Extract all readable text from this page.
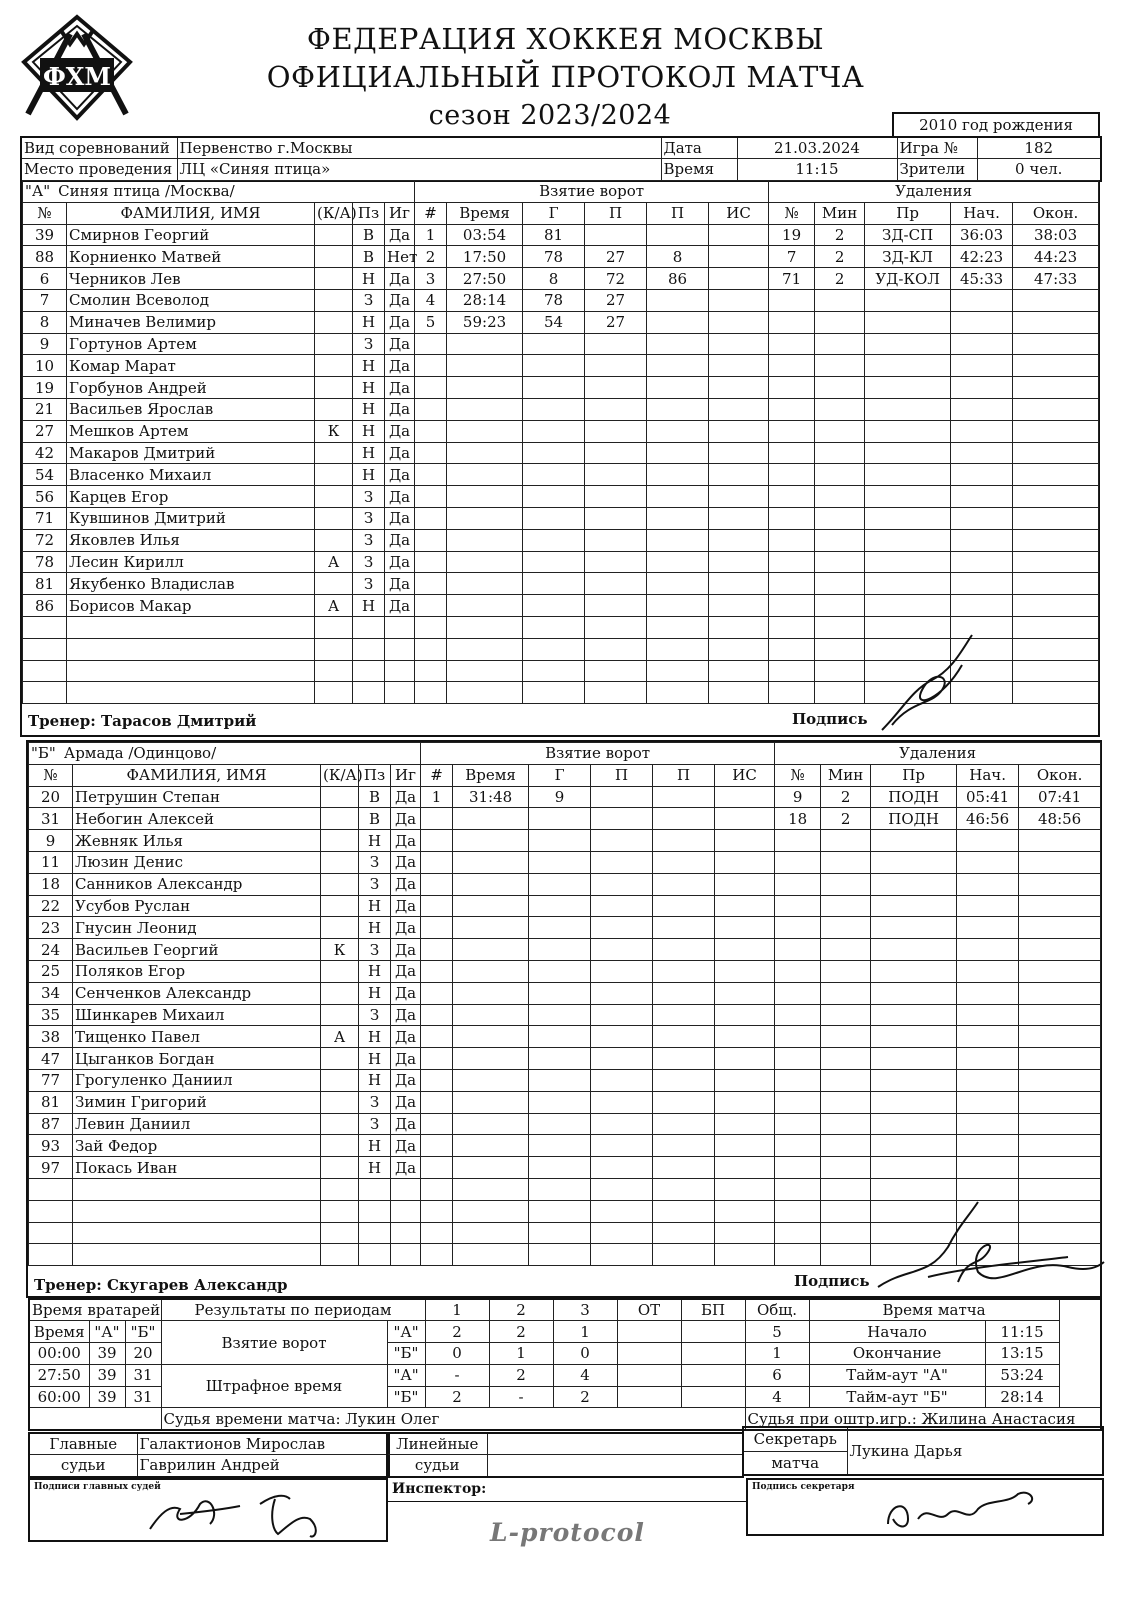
ФХМ
ФЕДЕРАЦИЯ ХОККЕЯ МОСКВЫ
ОФИЦИАЛЬНЫЙ ПРОТОКОЛ МАТЧА
сезон 2023/2024	2010 год рождения
Вид соревнований	Первенство г.Москвы	Дата	21.03.2024	Игра №	182
Место проведения	ЛЦ «Синяя птица»	Время	11:15	Зрители	0 чел.
"А" Синяя птица /Москва/					Взятие ворот						Удаления				
№	ФАМИЛИЯ, ИМЯ	(К/А)	Пз	Иг	#	Время	Г	П	П	ИС	№	Мин	Пр	Нач.	Окон.
39	Смирнов Георгий		В	Да	1	03:54	81				19	2	ЗД-СП	36:03	38:03
88	Корниенко Матвей		В	Нет	2	17:50	78	27	8		7	2	ЗД-КЛ	42:23	44:23
6	Черников Лев		Н	Да	3	27:50	8	72	86		71	2	УД-КОЛ	45:33	47:33
7	Смолин Всеволод		З	Да	4	28:14	78	27							
8	Миначев Велимир		Н	Да	5	59:23	54	27							
9	Гортунов Артем		З	Да											
10	Комар Марат		Н	Да											
19	Горбунов Андрей		Н	Да											
21	Васильев Ярослав		Н	Да											
27	Мешков Артем	К	Н	Да											
42	Макаров Дмитрий		Н	Да											
54	Власенко Михаил		Н	Да											
56	Карцев Егор		З	Да											
71	Кувшинов Дмитрий		З	Да											
72	Яковлев Илья		З	Да											
78	Лесин Кирилл	А	З	Да											
81	Якубенко Владислав		З	Да											
86	Борисов Макар	А	Н	Да											

Тренер: Тарасов Дмитрий	Подпись
"Б" Армада /Одинцово/					Взятие ворот						Удаления				
№	ФАМИЛИЯ, ИМЯ	(К/А)	Пз	Иг	#	Время	Г	П	П	ИС	№	Мин	Пр	Нач.	Окон.
20	Петрушин Степан		В	Да	1	31:48	9				9	2	ПОДН	05:41	07:41
31	Небогин Алексей		В	Да							18	2	ПОДН	46:56	48:56
9	Жевняк Илья		Н	Да											
11	Люзин Денис		З	Да											
18	Санников Александр		З	Да											
22	Усубов Руслан		Н	Да											
23	Гнусин Леонид		Н	Да											
24	Васильев Георгий	К	З	Да											
25	Поляков Егор		Н	Да											
34	Сенченков Александр		Н	Да											
35	Шинкарев Михаил		З	Да											
38	Тищенко Павел	А	Н	Да											
47	Цыганков Богдан		Н	Да											
77	Грогуленко Даниил		Н	Да											
81	Зимин Григорий		З	Да											
87	Левин Даниил		З	Да											
93	Зай Федор		Н	Да											
97	Покась Иван		Н	Да											

Тренер: Скугарев Александр	Подпись
Время вратарей			Результаты по периодам		1	2	3	ОТ	БП	Общ.	Время матча	
Время	"А"	"Б"	Взятие ворот	"А"	2	2	1			5	Начало	11:15
00:00	39	20		"Б"	0	1	0			1	Окончание	13:15
27:50	39	31	Штрафное время	"А"	-	2	4			6	Тайм-аут "А"	53:24
60:00	39	31		"Б"	2	-	2			4	Тайм-аут "Б"	28:14
			Судья времени матча: Лукин Олег							Судья при оштр.игр.: Жилина Анастасия		
Главные	Галактионов Мирослав
судьи	Гаврилин Андрей
Линейные	
судьи	
Секретарь	Лукина Дарья
матча
Подписи главных судей	Инспектор:	Подпись секретаря
L-protocol
